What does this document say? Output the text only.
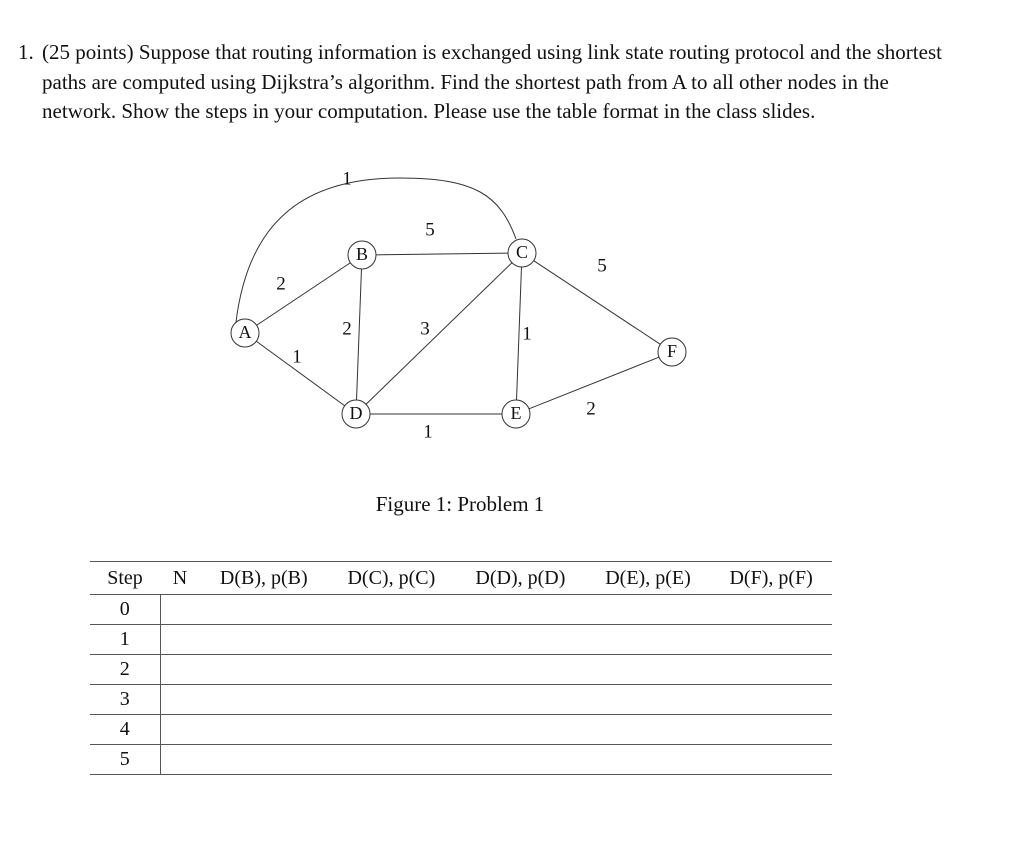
1. (25 points) Suppose that routing information is exchanged using link state routing protocol and the shortest paths are computed using Dijkstra’s algorithm. Find the shortest path from A to all other nodes in the network. Show the steps in your computation. Please use the table format in the class slides.
1
2
1
5
2	3	1
1
5
2
A
B	C
D	E
F
Figure 1: Problem 1
Step	N	D(B), p(B)	D(C), p(C)	D(D), p(D)	D(E), p(E)	D(F), p(F)
0						
1						
2						
3						
4						
5						
